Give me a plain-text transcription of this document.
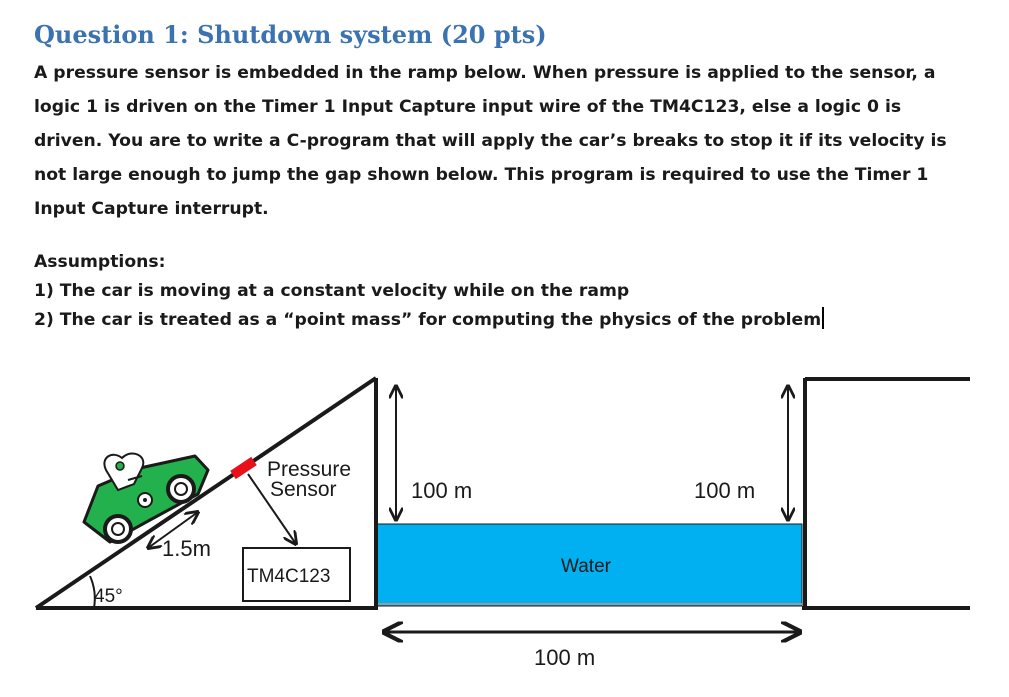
Question 1: Shutdown system (20 pts)
A pressure sensor is embedded in the ramp below. When pressure is applied to the sensor, a
logic 1 is driven on the Timer 1 Input Capture input wire of the TM4C123, else a logic 0 is
driven. You are to write a C-program that will apply the car’s breaks to stop it if its velocity is
not large enough to jump the gap shown below. This program is required to use the Timer 1
Input Capture interrupt.
Assumptions:
1) The car is moving at a constant velocity while on the ramp
2) The car is treated as a “point mass” for computing the physics of the problem
45°
1.5m
Pressure
Sensor
TM4C123
100 m	100 m
Water
100 m
